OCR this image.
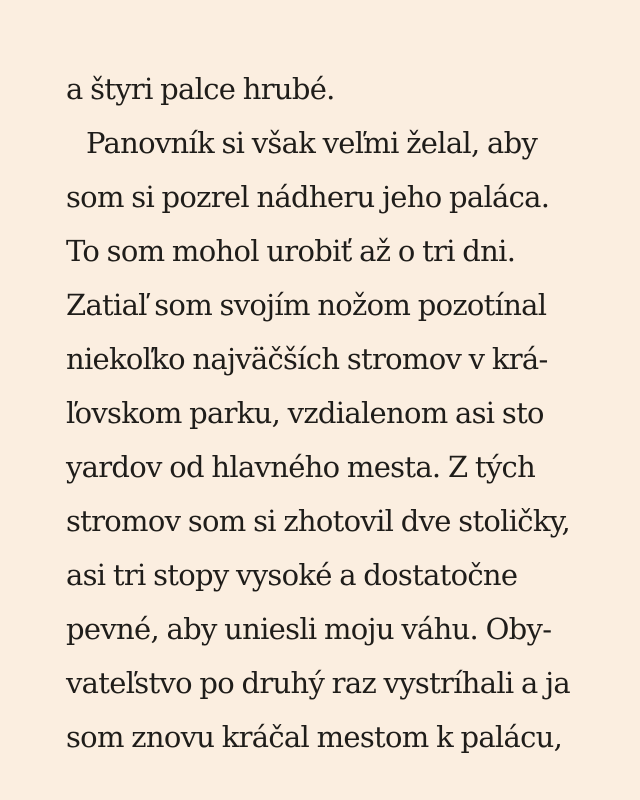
a štyri palce hrubé.
Panovník si však veľmi želal, aby
som si pozrel nádheru jeho paláca.
To som mohol urobiť až o tri dni.
Zatiaľ som svojím nožom pozotínal
niekoľko najväčších stromov v krá-
ľovskom parku, vzdialenom asi sto
yardov od hlavného mesta. Z tých
stromov som si zhotovil dve stoličky,
asi tri stopy vysoké a dostatočne
pevné, aby uniesli moju váhu. Oby-
vateľstvo po druhý raz vystríhali a ja
som znovu kráčal mestom k palácu,
